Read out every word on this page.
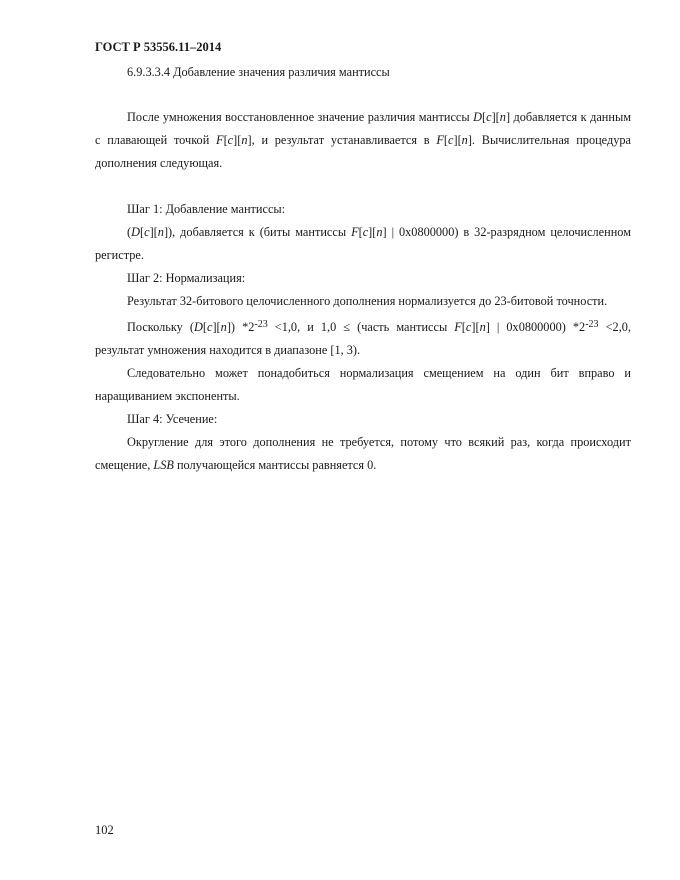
ГОСТ Р 53556.11–2014
6.9.3.3.4 Добавление значения различия мантиссы

После умножения восстановленное значение различия мантиссы D[c][n] добавляется к данным с плавающей точкой F[c][n], и результат устанавливается в F[c][n]. Вычислительная процедура дополнения следующая.

Шаг 1: Добавление мантиссы:

(D[c][n]), добавляется к (биты мантиссы F[c][n] | 0x0800000) в 32-разрядном целочисленном регистре.

Шаг 2: Нормализация:

Результат 32-битового целочисленного дополнения нормализуется до 23-битовой точности.

Поскольку (D[c][n]) $*2^{-23} <1,0$, и 1,0 ≤ (часть мантиссы F[c][n] | 0x0800000) $*2^{-23} <2,0$, результат умножения находится в диапазоне [1, 3).

Следовательно может понадобиться нормализация смещением на один бит вправо и наращиванием экспоненты.

Шаг 4: Усечение:

Округление для этого дополнения не требуется, потому что всякий раз, когда происходит смещение, LSB получающейся мантиссы равняется 0.

102
